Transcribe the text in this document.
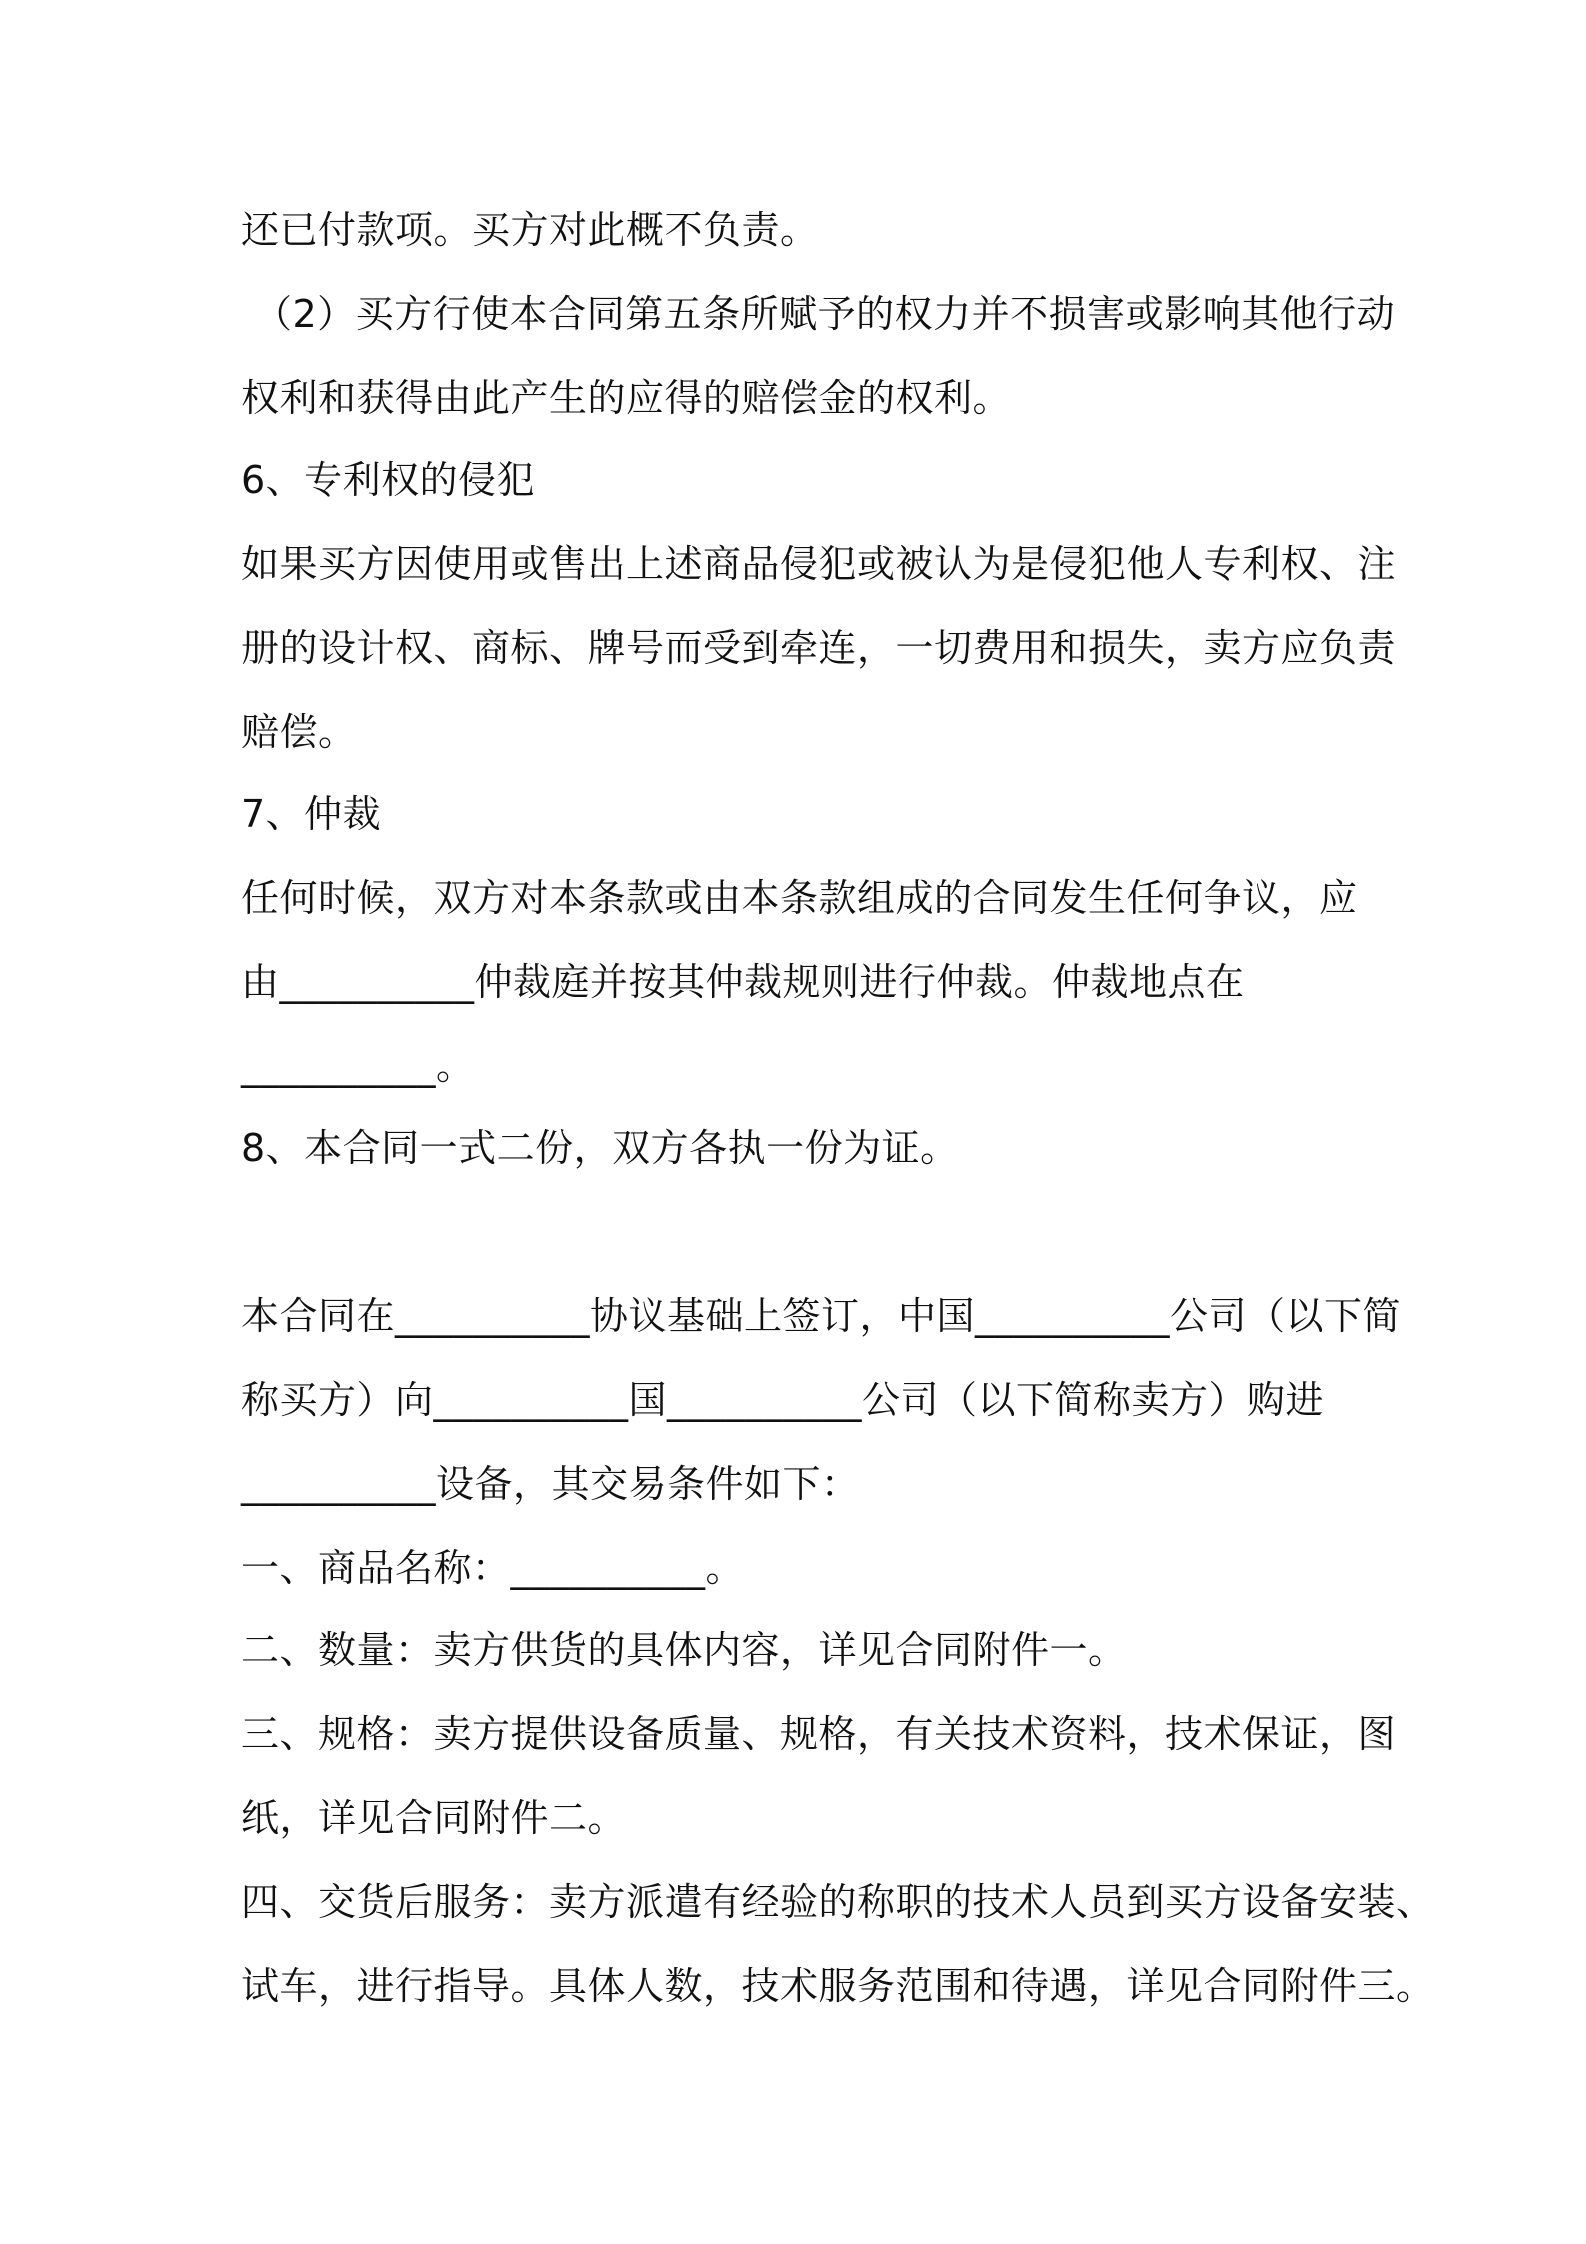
还已付款项。买方对此概不负责。
（2）买方行使本合同第五条所赋予的权力并不损害或影响其他行动
权利和获得由此产生的应得的赔偿金的权利。
6、专利权的侵犯
如果买方因使用或售出上述商品侵犯或被认为是侵犯他人专利权、注
册的设计权、商标、牌号而受到牵连，一切费用和损失，卖方应负责
赔偿。
7、仲裁
任何时候，双方对本条款或由本条款组成的合同发生任何争议，应
由__________仲裁庭并按其仲裁规则进行仲裁。仲裁地点在
__________。
8、本合同一式二份，双方各执一份为证。
本合同在__________协议基础上签订，中国__________公司（以下简
称买方）向__________国__________公司（以下简称卖方）购进
__________设备，其交易条件如下：
一、商品名称：__________。
二、数量：卖方供货的具体内容，详见合同附件一。
三、规格：卖方提供设备质量、规格，有关技术资料，技术保证，图
纸，详见合同附件二。
四、交货后服务：卖方派遣有经验的称职的技术人员到买方设备安装、
试车，进行指导。具体人数，技术服务范围和待遇，详见合同附件三。
